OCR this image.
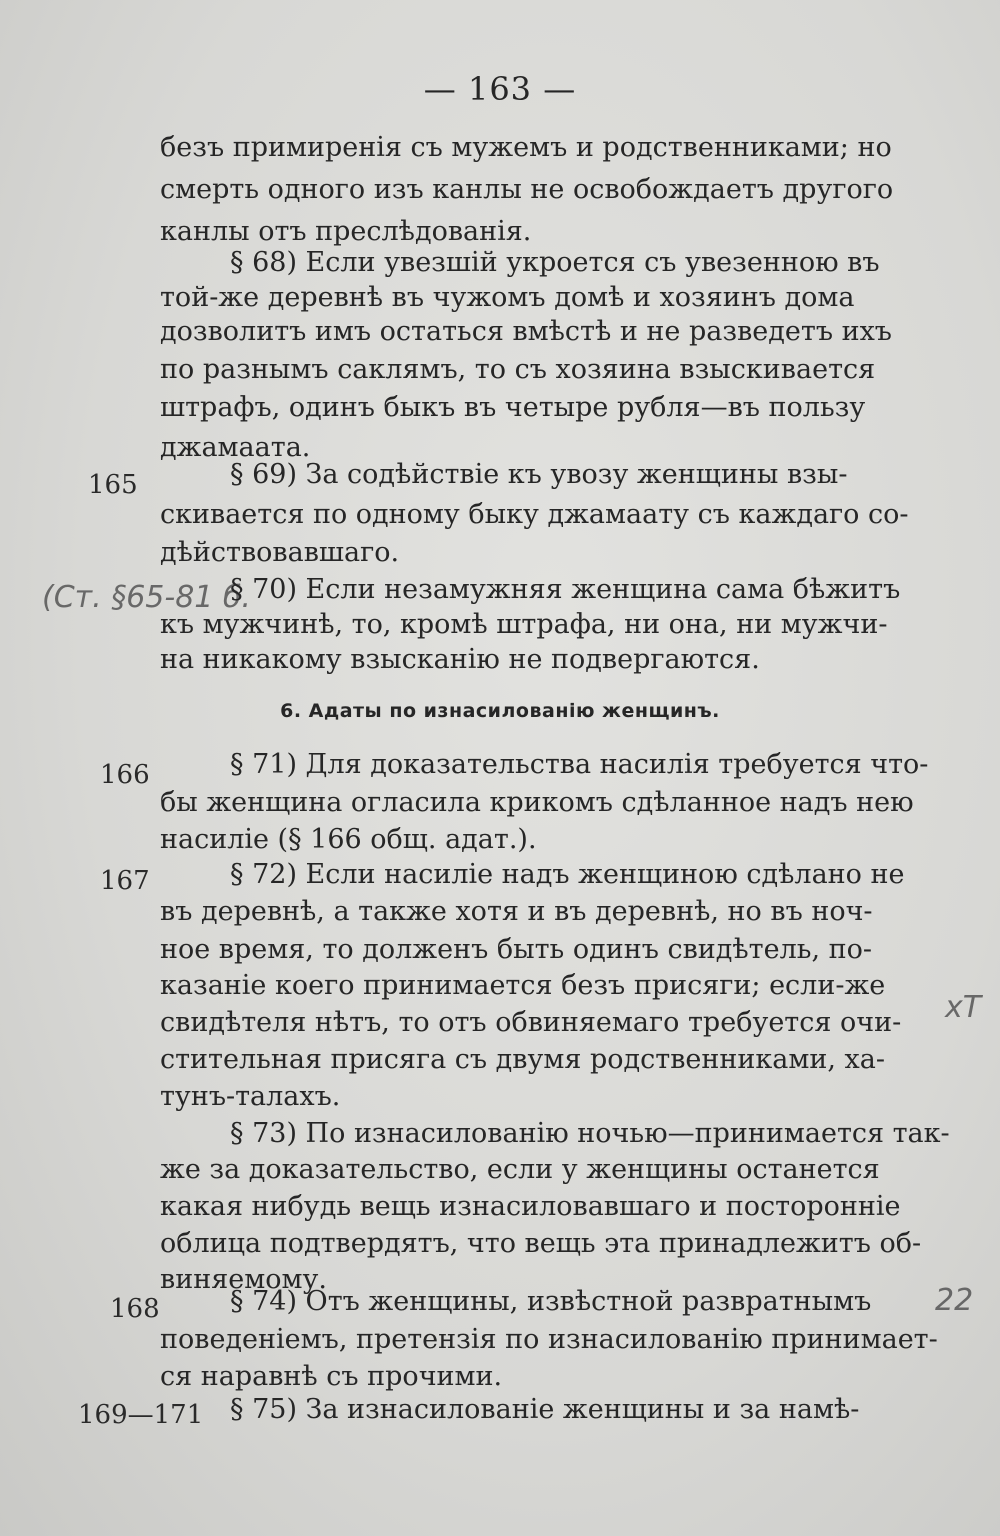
— 163 —
безъ примиренія съ мужемъ и родственниками; но
смерть одного изъ канлы не освобождаетъ другого
канлы отъ преслѣдованія.
§ 68) Если увезшій укроется съ увезенною въ
той-же деревнѣ въ чужомъ домѣ и хозяинъ дома
дозволитъ имъ остаться вмѣстѣ и не разведетъ ихъ
по разнымъ саклямъ, то съ хозяина взыскивается
штрафъ, одинъ быкъ въ четыре рубля—въ пользу
джамаата.
165	§ 69) За содѣйствіе къ увозу женщины взы-
скивается по одному быку джамаату съ каждаго со-
дѣйствовавшаго.
(Ст. §65-81 б.
§ 70) Если незамужняя женщина сама бѣжитъ
къ мужчинѣ, то, кромѣ штрафа, ни она, ни мужчи-
на никакому взысканію не подвергаются.
6. Адаты по изнасилованію женщинъ.
166	§ 71) Для доказательства насилія требуется что-
бы женщина огласила крикомъ сдѣланное надъ нею
насиліе (§ 166 общ. адат.).
167	§ 72) Если насиліе надъ женщиною сдѣлано не
въ деревнѣ, а также хотя и въ деревнѣ, но въ ноч-
ное время, то долженъ быть одинъ свидѣтель, по-
казаніе коего принимается безъ присяги; если-же
хТ
свидѣтеля нѣтъ, то отъ обвиняемаго требуется очи-
стительная присяга съ двумя родственниками, ха-
тунъ-талахъ.
§ 73) По изнасилованію ночью—принимается так-
же за доказательство, если у женщины останется
какая нибудь вещь изнасиловавшаго и посторонніе
облица подтвердятъ, что вещь эта принадлежитъ об-
виняемому.
168	22
§ 74) Отъ женщины, извѣстной развратнымъ
поведеніемъ, претензія по изнасилованію принимает-
ся наравнѣ съ прочими.
169—171 § 75) За изнасилованіе женщины и за намѣ-
